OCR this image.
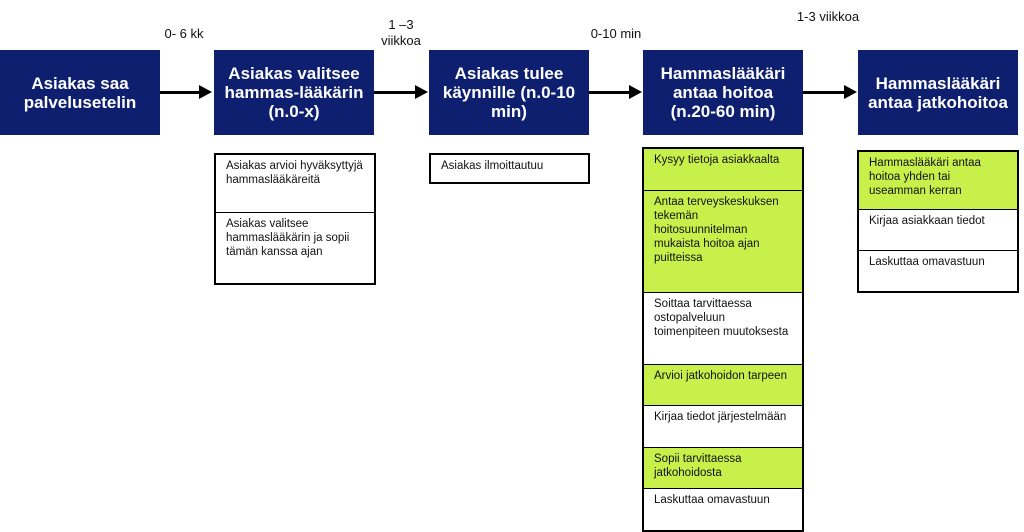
Asiakas saa palvelusetelin
Asiakas valitsee hammas-lääkärin (n.0-x)
Asiakas tulee käynnille (n.0-10 min)
Hammaslääkäri antaa hoitoa (n.20-60 min)
Hammaslääkäri antaa jatkohoitoa
0- 6 kk
1 –3 viikkoa	0-10 min
1-3 viikkoa
Asiakas arvioi hyväksyttyjä hammaslääkäreitä
Asiakas valitsee hammaslääkärin ja sopii tämän kanssa ajan
Asiakas ilmoittautuu	Kysyy tietoja asiakkaalta
Antaa terveyskeskuksen tekemän hoitosuunnitelman mukaista hoitoa ajan puitteissa
Soittaa tarvittaessa ostopalveluun toimenpiteen muutoksesta
Arvioi jatkohoidon tarpeen
Kirjaa tiedot järjestelmään
Sopii tarvittaessa jatkohoidosta
Laskuttaa omavastuun
Hammaslääkäri antaa hoitoa yhden tai useamman kerran
Kirjaa asiakkaan tiedot
Laskuttaa omavastuun
